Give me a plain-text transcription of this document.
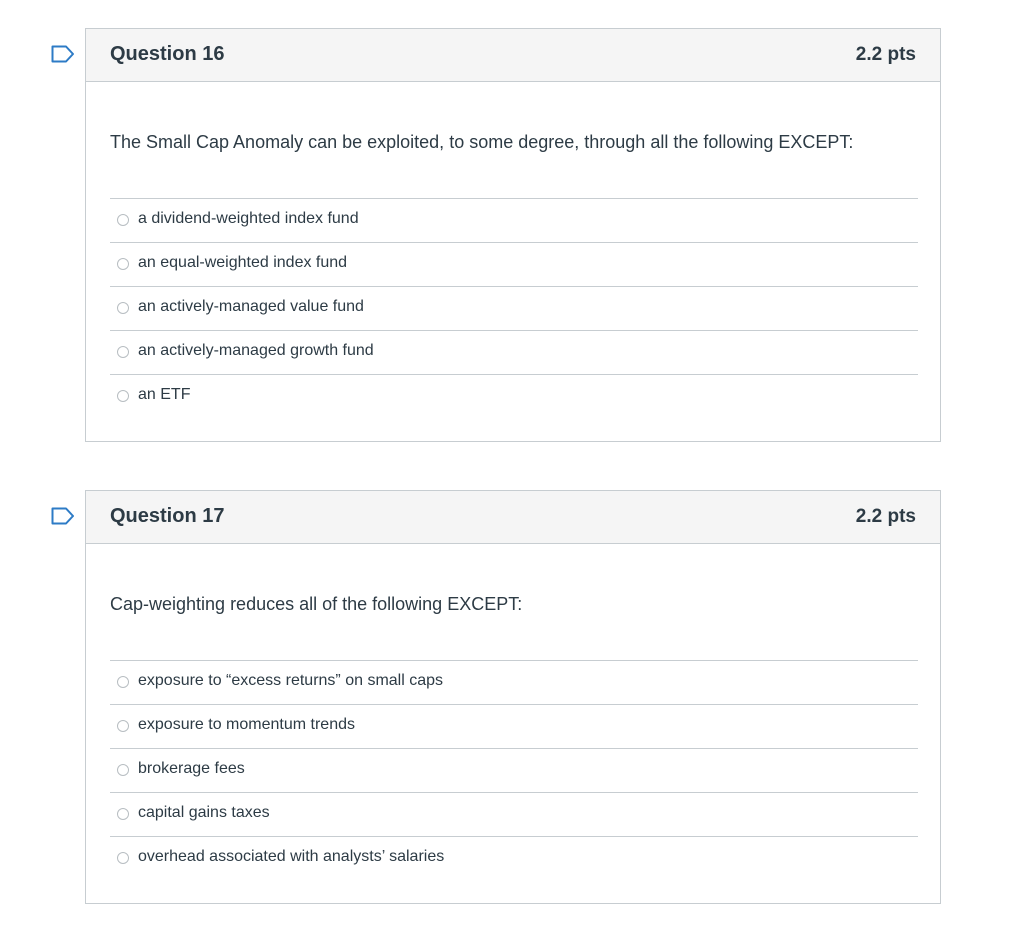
Question 16	2.2 pts
The Small Cap Anomaly can be exploited, to some degree, through all the following EXCEPT:
a dividend-weighted index fund
an equal-weighted index fund
an actively-managed value fund
an actively-managed growth fund
an ETF
Question 17	2.2 pts
Cap-weighting reduces all of the following EXCEPT:
exposure to “excess returns” on small caps
exposure to momentum trends
brokerage fees
capital gains taxes
overhead associated with analysts’ salaries
